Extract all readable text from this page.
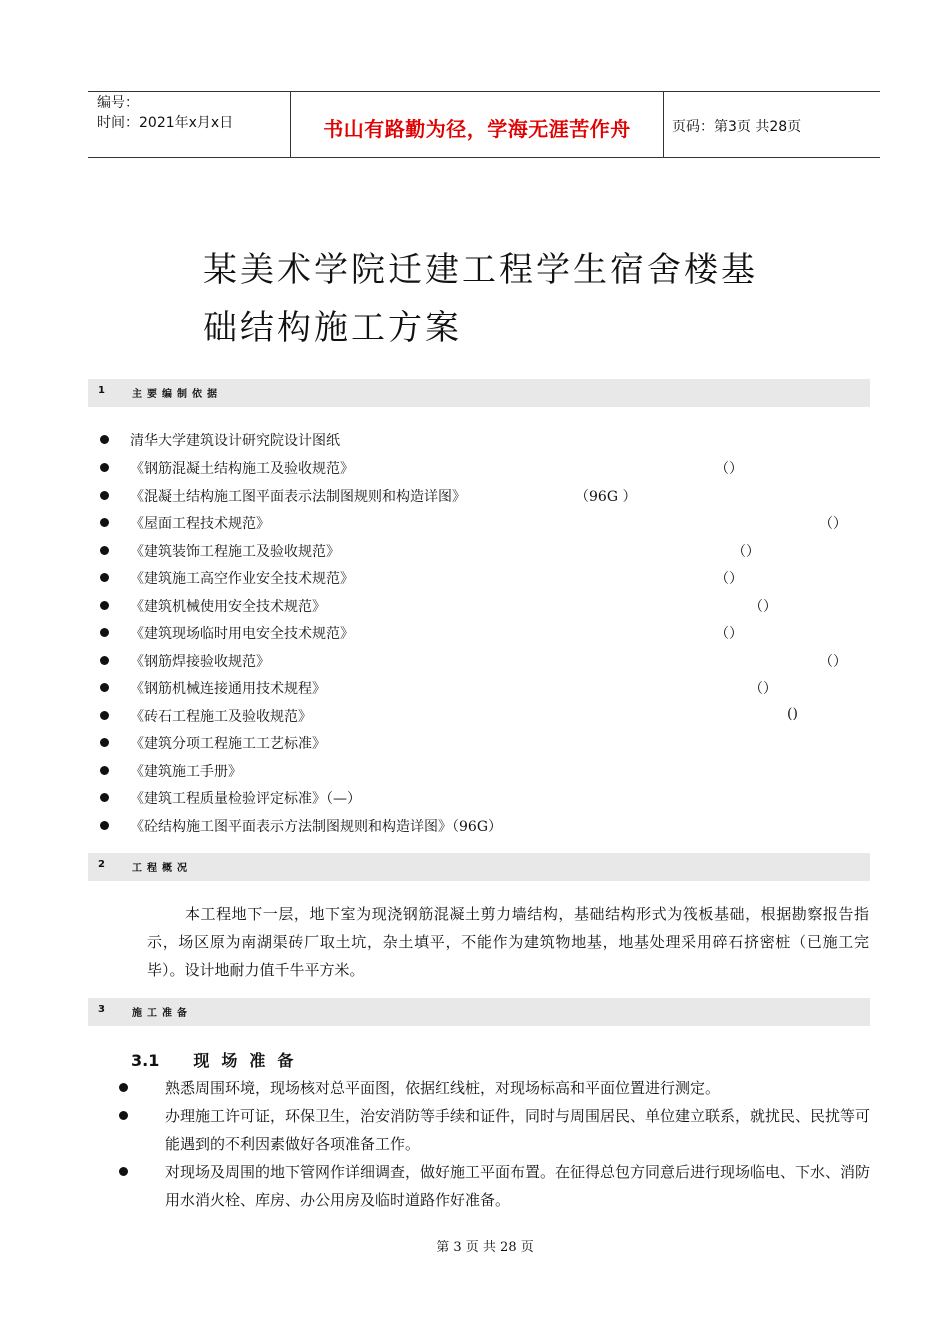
编号：
时间：2021年x月x日	书山有路勤为径，学海无涯苦作舟	页码：第3页 共28页
某美术学院迁建工程学生宿舍楼基
础结构施工方案
1	主要编制依据
清华大学建筑设计研究院设计图纸
《钢筋混凝土结构施工及验收规范》	（）
《混凝土结构施工图平面表示法制图规则和构造详图》	（96G ）
《屋面工程技术规范》	（）
《建筑装饰工程施工及验收规范》	（）
《建筑施工高空作业安全技术规范》	（）
《建筑机械使用安全技术规范》	（）
《建筑现场临时用电安全技术规范》	（）
《钢筋焊接验收规范》	（）
《钢筋机械连接通用技术规程》	（）
《砖石工程施工及验收规范》	()
《建筑分项工程施工工艺标准》
《建筑施工手册》
《建筑工程质量检验评定标准》（—）
《砼结构施工图平面表示方法制图规则和构造详图》（96G）
2	工程概况
本工程地下一层，地下室为现浇钢筋混凝土剪力墙结构，基础结构形式为筏板基础，根据勘察报告指示，场区原为南湖渠砖厂取土坑，杂土填平，不能作为建筑物地基，地基处理采用碎石挤密桩（已施工完毕）。设计地耐力值千牛平方米。
3	施工准备
3.1 现场准备
熟悉周围环境，现场核对总平面图，依据红线桩，对现场标高和平面位置进行测定。
办理施工许可证，环保卫生，治安消防等手续和证件，同时与周围居民、单位建立联系，就扰民、民扰等可能遇到的不利因素做好各项准备工作。
对现场及周围的地下管网作详细调查，做好施工平面布置。在征得总包方同意后进行现场临电、下水、消防用水消火栓、库房、办公用房及临时道路作好准备。
第 3 页 共 28 页
